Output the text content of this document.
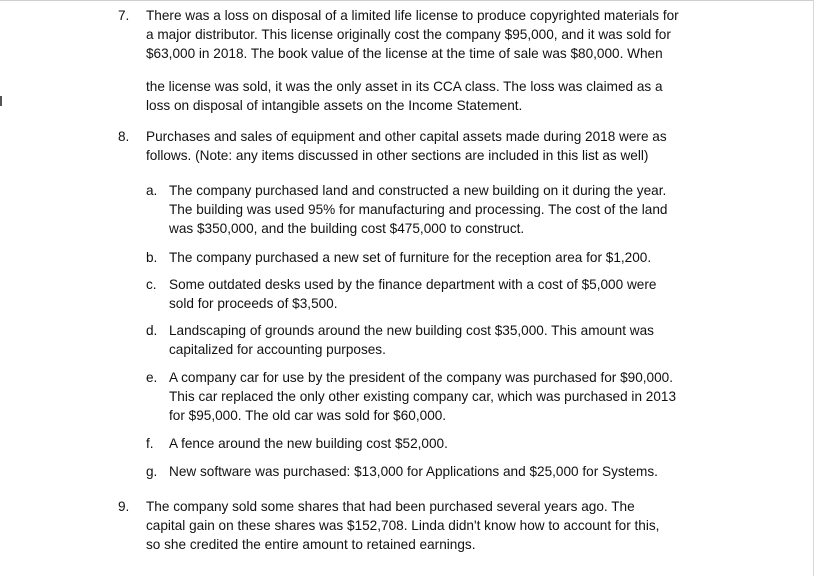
7. There was a loss on disposal of a limited life license to produce copyrighted materials for

a major distributor. This license originally cost the company $95,000, and it was sold for

$63,000 in 2018. The book value of the license at the time of sale was $80,000. When

the license was sold, it was the only asset in its CCA class. The loss was claimed as a

loss on disposal of intangible assets on the Income Statement.

8. Purchases and sales of equipment and other capital assets made during 2018 were as

follows. (Note: any items discussed in other sections are included in this list as well)

a. The company purchased land and constructed a new building on it during the year.

The building was used 95% for manufacturing and processing. The cost of the land

was $350,000, and the building cost $475,000 to construct.

b. The company purchased a new set of furniture for the reception area for $1,200.

c. Some outdated desks used by the finance department with a cost of $5,000 were

sold for proceeds of $3,500.

d. Landscaping of grounds around the new building cost $35,000. This amount was

capitalized for accounting purposes.

e. A company car for use by the president of the company was purchased for $90,000.

This car replaced the only other existing company car, which was purchased in 2013

for $95,000. The old car was sold for $60,000.

f. A fence around the new building cost $52,000.

g. New software was purchased: $13,000 for Applications and $25,000 for Systems.

9. The company sold some shares that had been purchased several years ago. The

capital gain on these shares was $152,708. Linda didn't know how to account for this,

so she credited the entire amount to retained earnings.
